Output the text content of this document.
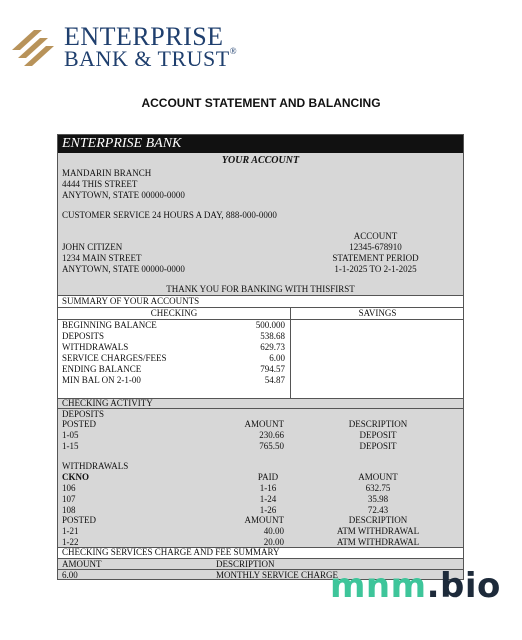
ENTERPRISE
BANK & TRUST®
ACCOUNT STATEMENT AND BALANCING
ENTERPRISE BANK
YOUR ACCOUNT
MANDARIN BRANCH
4444 THIS STREET
ANYTOWN, STATE 00000-0000
CUSTOMER SERVICE 24 HOURS A DAY, 888-000-0000
ACCOUNT
12345-678910
STATEMENT PERIOD
1-1-2025 TO 2-1-2025
JOHN CITIZEN
1234 MAIN STREET
ANYTOWN, STATE 00000-0000
THANK YOU FOR BANKING WITH THISFIRST
SUMMARY OF YOUR ACCOUNTS
CHECKING	SAVINGS
BEGINNING BALANCE	500.000
DEPOSITS	538.68
WITHDRAWALS	629.73
SERVICE CHARGES/FEES	6.00
ENDING BALANCE	794.57
MIN BAL ON 2-1-00	54.87
CHECKING ACTIVITY
DEPOSITS
POSTED	AMOUNT	DESCRIPTION
1-05	230.66	DEPOSIT
1-15	765.50	DEPOSIT
WITHDRAWALS
CKNO	PAID	AMOUNT
106	1-16	632.75
107	1-24	35.98
108	1-26	72.43
POSTED	AMOUNT	DESCRIPTION
1-21	40.00	ATM WITHDRAWAL
1-22	20.00	ATM WITHDRAWAL
CHECKING SERVICES CHARGE AND FEE SUMMARY
AMOUNT	DESCRIPTION
6.00	MONTHLY SERVICE CHARGE
mnm.bio
